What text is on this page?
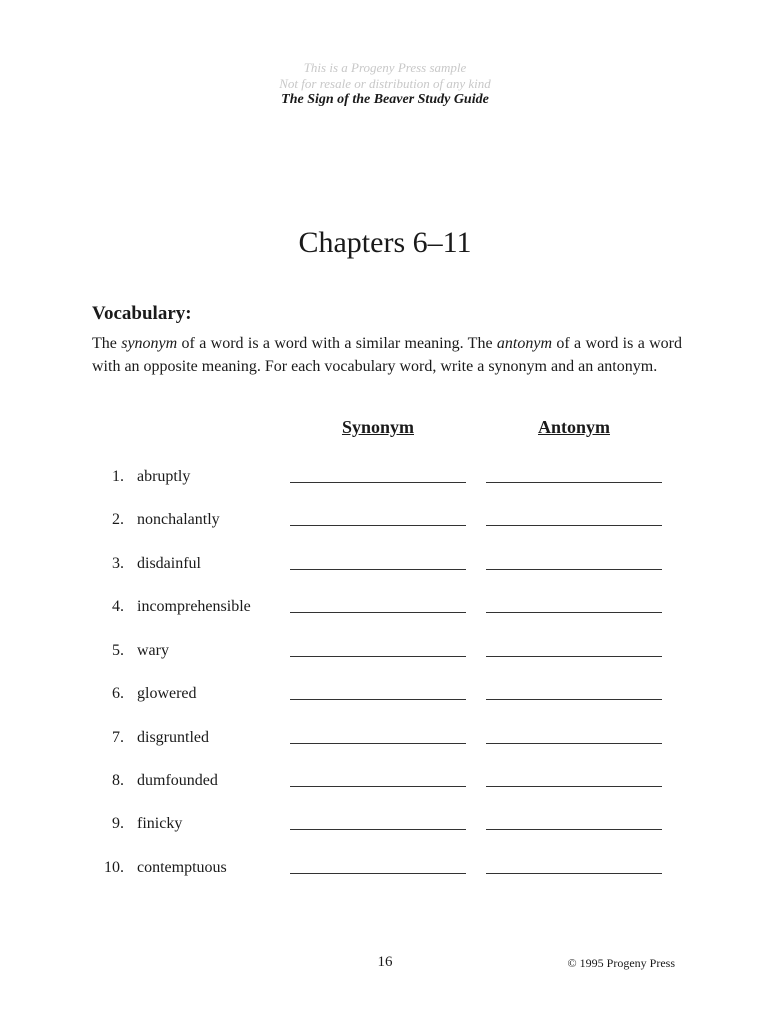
This is a Progeny Press sample
Not for resale or distribution of any kind
The Sign of the Beaver Study Guide
Chapters 6–11
Vocabulary:
The synonym of a word is a word with a similar meaning. The antonym of a word is a word with an opposite meaning. For each vocabulary word, write a synonym and an antonym.
Synonym	Antonym
1. abruptly
2. nonchalantly
3. disdainful
4. incomprehensible
5. wary
6. glowered
7. disgruntled
8. dumfounded
9. finicky
10. contemptuous
16	© 1995 Progeny Press
